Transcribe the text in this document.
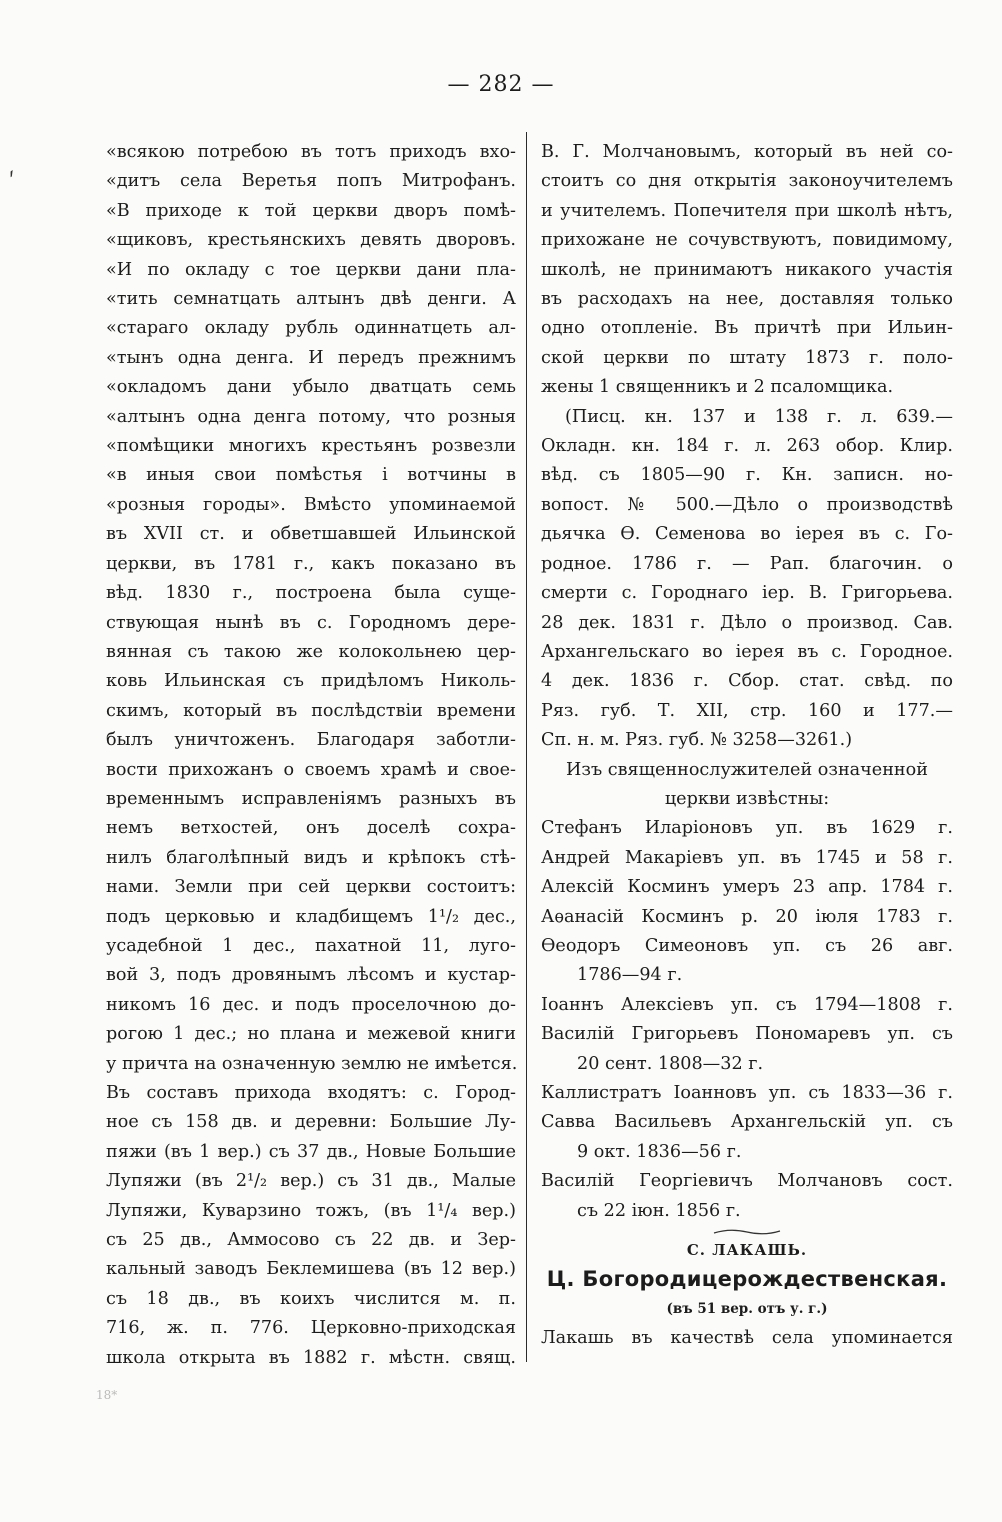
— 282 —
ˊ
«всякою потребою въ тотъ приходъ вхо-
«дитъ села Веретья попъ Митрофанъ.
«В приходе к той церкви дворъ помѣ-
«щиковъ, крестьянскихъ девять дворовъ.
«И по окладу с тое церкви дани пла-
«тить семнатцать алтынъ двѣ денги. А
«стараго окладу рубль одиннатцеть ал-
«тынъ одна денга. И передъ прежнимъ
«окладомъ дани убыло дватцать семь
«алтынъ одна денга потому, что розныя
«помѣщики многихъ крестьянъ розвезли
«в иныя свои помѣстья і вотчины в
«розныя городы». Вмѣсто упоминаемой
въ XVII ст. и обветшавшей Ильинской
церкви, въ 1781 г., какъ показано въ
вѣд. 1830 г., построена была суще-
ствующая нынѣ въ с. Городномъ дере-
вянная съ такою же колокольнею цер-
ковь Ильинская съ придѣломъ Николь-
скимъ, который въ послѣдствіи времени
былъ уничтоженъ. Благодаря заботли-
вости прихожанъ о своемъ храмѣ и свое-
временнымъ исправленіямъ разныхъ въ
немъ ветхостей, онъ доселѣ сохра-
нилъ благолѣпный видъ и крѣпокъ стѣ-
нами. Земли при сей церкви состоитъ:
подъ церковью и кладбищемъ 1¹/₂ дес.,
усадебной 1 дес., пахатной 11, луго-
вой 3, подъ дровянымъ лѣсомъ и кустар-
никомъ 16 дес. и подъ проселочною до-
рогою 1 дес.; но плана и межевой книги
у причта на означенную землю не имѣется.
Въ составъ прихода входятъ: с. Город-
ное съ 158 дв. и деревни: Большие Лу-
пяжи (въ 1 вер.) съ 37 дв., Новые Большие
Лупяжи (въ 2¹/₂ вер.) съ 31 дв., Малые
Лупяжи, Куварзино тожъ, (въ 1¹/₄ вер.)
съ 25 дв., Аммосово съ 22 дв. и Зер-
кальный заводъ Беклемишева (въ 12 вер.)
съ 18 дв., въ коихъ числится м. п.
716, ж. п. 776. Церковно-приходская
школа открыта въ 1882 г. мѣстн. свящ.
В. Г. Молчановымъ, который въ ней со-
стоитъ со дня открытія законоучителемъ
и учителемъ. Попечителя при школѣ нѣтъ,
прихожане не сочувствуютъ, повидимому,
школѣ, не принимаютъ никакого участія
въ расходахъ на нее, доставляя только
одно отопленіе. Въ причтѣ при Ильин-
ской церкви по штату 1873 г. поло-
жены 1 священникъ и 2 псаломщика.
(Писц. кн. 137 и 138 г. л. 639.—
Окладн. кн. 184 г. л. 263 обор. Клир.
вѣд. съ 1805—90 г. Кн. записн. но-
вопост. № 500.—Дѣло о производствѣ
дьячка Ѳ. Семенова во іерея въ с. Го-
родное. 1786 г. — Рап. благочин. о
смерти с. Городнаго іер. В. Григорьева.
28 дек. 1831 г. Дѣло о производ. Сав.
Архангельскаго во іерея въ с. Городное.
4 дек. 1836 г. Сбор. стат. свѣд. по
Ряз. губ. Т. XII, стр. 160 и 177.—
Сп. н. м. Ряз. губ. № 3258—3261.)
Изъ священнослужителей означенной
церкви извѣстны:
Стефанъ Иларіоновъ уп. въ 1629 г.
Андрей Макаріевъ уп. въ 1745 и 58 г.
Алексій Косминъ умеръ 23 апр. 1784 г.
Аѳанасій Косминъ р. 20 іюля 1783 г.
Ѳеодоръ Симеоновъ уп. съ 26 авг.
1786—94 г.
Іоаннъ Алексіевъ уп. съ 1794—1808 г.
Василій Григорьевъ Пономаревъ уп. съ
20 сент. 1808—32 г.
Каллистратъ Іоанновъ уп. съ 1833—36 г.
Савва Васильевъ Архангельскій уп. съ
9 окт. 1836—56 г.
Василій Георгіевичъ Молчановъ сост.
съ 22 іюн. 1856 г.
С. ЛАКАШЬ.
Ц. Богородицерождественская.
(въ 51 вер. отъ у. г.)
Лакашь въ качествѣ села упоминается
18*
